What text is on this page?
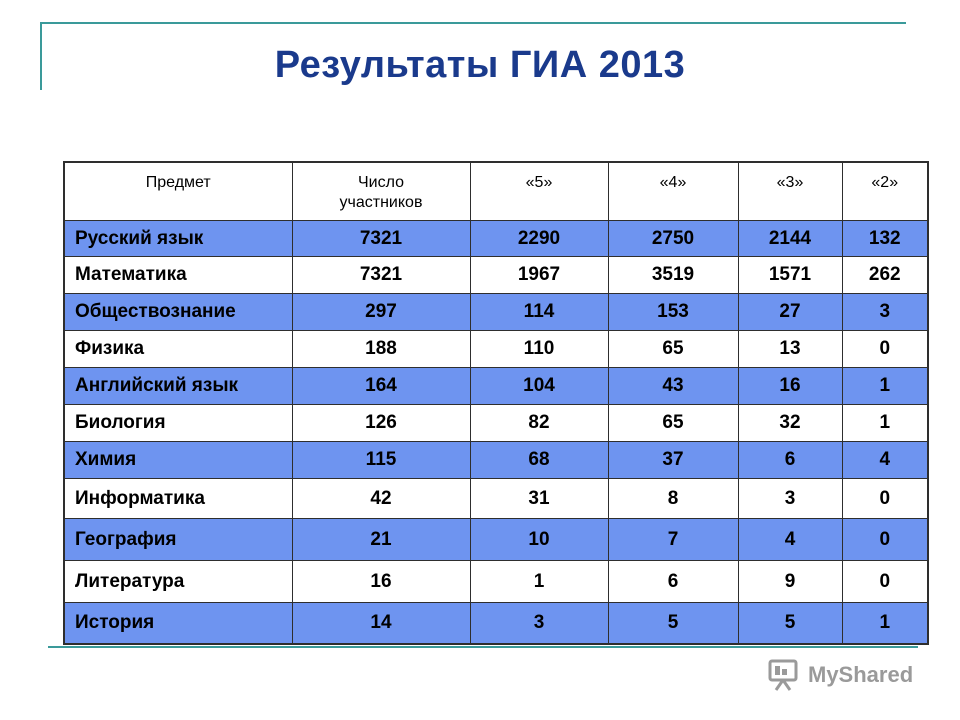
Результаты ГИА 2013
Предмет	Число участников	«5»	«4»	«3»	«2»
Русский язык	7321	2290	2750	2144	132
Математика	7321	1967	3519	1571	262
Обществознание	297	114	153	27	3
Физика	188	110	65	13	0
Английский язык	164	104	43	16	1
Биология	126	82	65	32	1
Химия	115	68	37	6	4
Информатика	42	31	8	3	0
География	21	10	7	4	0
Литература	16	1	6	9	0
История	14	3	5	5	1
MyShared
